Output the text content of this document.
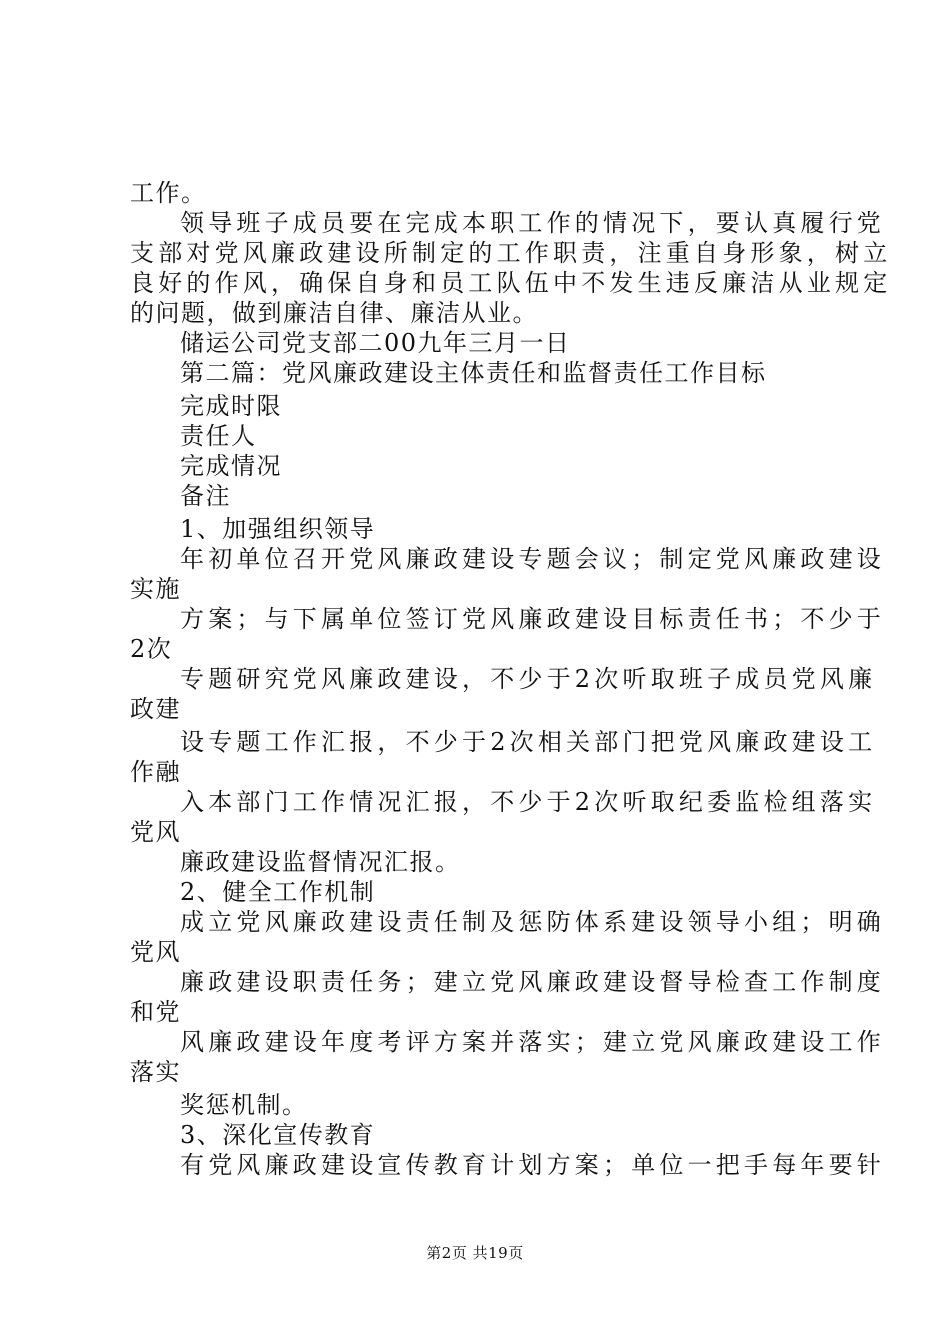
工作。
领导班子成员要在完成本职工作的情况下，要认真履行党
支部对党风廉政建设所制定的工作职责，注重自身形象，树立
良好的作风，确保自身和员工队伍中不发生违反廉洁从业规定
的问题，做到廉洁自律、廉洁从业。
储运公司党支部二00九年三月一日
第二篇：党风廉政建设主体责任和监督责任工作目标
完成时限
责任人
完成情况
备注
1、加强组织领导
年初单位召开党风廉政建设专题会议；制定党风廉政建设
实施
方案；与下属单位签订党风廉政建设目标责任书；不少于
2次
专题研究党风廉政建设，不少于2次听取班子成员党风廉
政建
设专题工作汇报，不少于2次相关部门把党风廉政建设工
作融
入本部门工作情况汇报，不少于2次听取纪委监检组落实
党风
廉政建设监督情况汇报。
2、健全工作机制
成立党风廉政建设责任制及惩防体系建设领导小组；明确
党风
廉政建设职责任务；建立党风廉政建设督导检查工作制度
和党
风廉政建设年度考评方案并落实；建立党风廉政建设工作
落实
奖惩机制。
3、深化宣传教育
有党风廉政建设宣传教育计划方案；单位一把手每年要针
第2页 共19页
